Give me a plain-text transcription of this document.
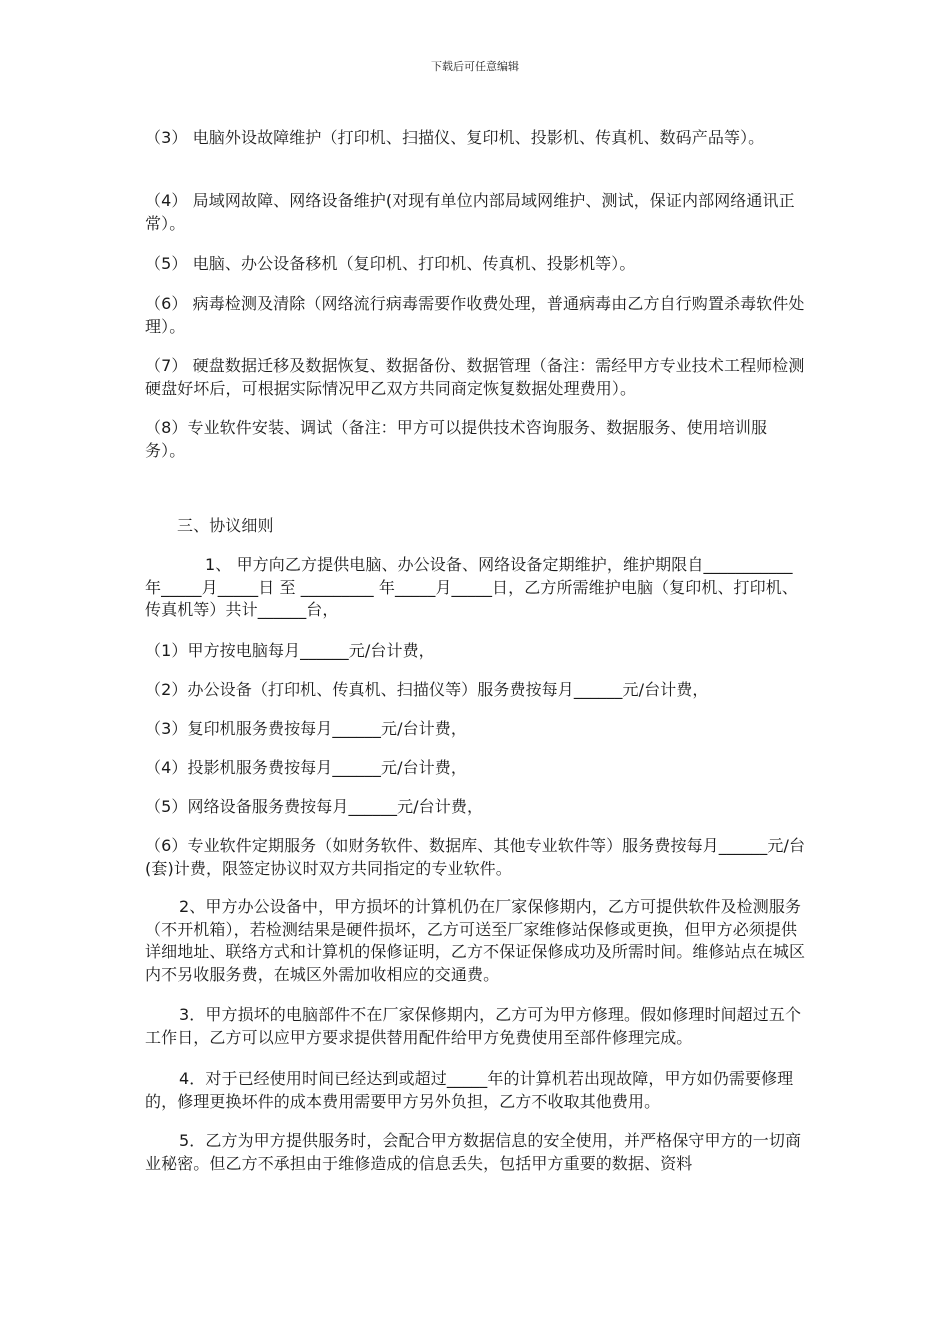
下载后可任意编辑
（3） 电脑外设故障维护（打印机、扫描仪、复印机、投影机、传真机、数码产品等）。
（4） 局域网故障、网络设备维护(对现有单位内部局域网维护、测试，保证内部网络通讯正常）。
（5） 电脑、办公设备移机（复印机、打印机、传真机、投影机等）。
（6） 病毒检测及清除（网络流行病毒需要作收费处理，普通病毒由乙方自行购置杀毒软件处理）。
（7） 硬盘数据迁移及数据恢复、数据备份、数据管理（备注：需经甲方专业技术工程师检测硬盘好坏后，可根据实际情况甲乙双方共同商定恢复数据处理费用）。
（8）专业软件安装、调试（备注：甲方可以提供技术咨询服务、数据服务、使用培训服务）。
三、协议细则
1、 甲方向乙方提供电脑、办公设备、网络设备定期维护，维护期限自___________年_____月_____日 至 _________ 年_____月_____日，乙方所需维护电脑（复印机、打印机、传真机等）共计______台，
（1）甲方按电脑每月______元/台计费，
（2）办公设备（打印机、传真机、扫描仪等）服务费按每月______元/台计费，
（3）复印机服务费按每月______元/台计费，
（4）投影机服务费按每月______元/台计费，
（5）网络设备服务费按每月______元/台计费，
（6）专业软件定期服务（如财务软件、数据库、其他专业软件等）服务费按每月______元/台(套)计费，限签定协议时双方共同指定的专业软件。
2、甲方办公设备中，甲方损坏的计算机仍在厂家保修期内，乙方可提供软件及检测服务（不开机箱），若检测结果是硬件损坏，乙方可送至厂家维修站保修或更换，但甲方必须提供详细地址、联络方式和计算机的保修证明，乙方不保证保修成功及所需时间。维修站点在城区内不另收服务费，在城区外需加收相应的交通费。
3．甲方损坏的电脑部件不在厂家保修期内，乙方可为甲方修理。假如修理时间超过五个工作日，乙方可以应甲方要求提供替用配件给甲方免费使用至部件修理完成。
4．对于已经使用时间已经达到或超过_____年的计算机若出现故障，甲方如仍需要修理的，修理更换坏件的成本费用需要甲方另外负担，乙方不收取其他费用。
5．乙方为甲方提供服务时，会配合甲方数据信息的安全使用，并严格保守甲方的一切商业秘密。但乙方不承担由于维修造成的信息丢失，包括甲方重要的数据、资料
